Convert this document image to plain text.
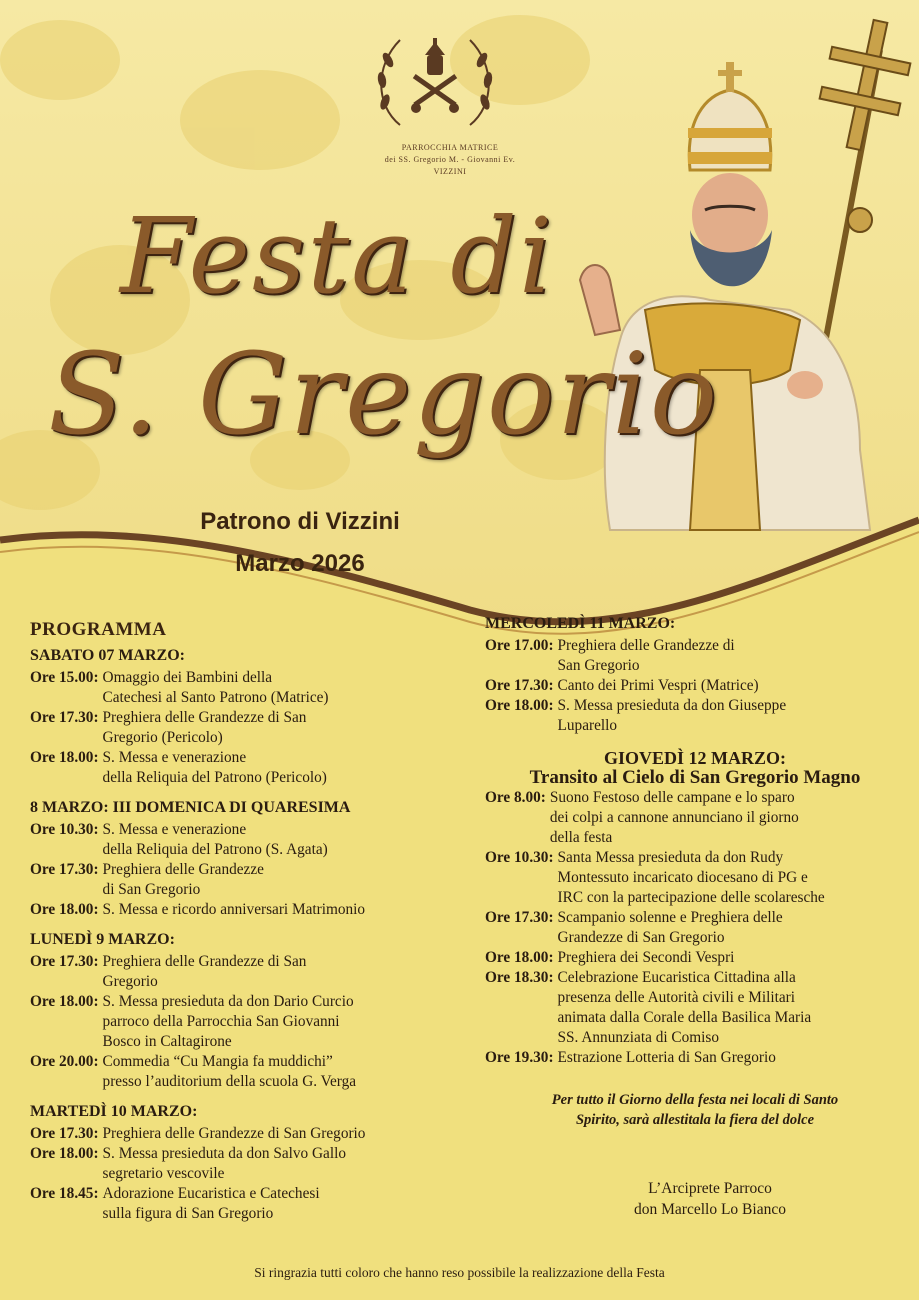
PARROCCHIA MATRICE
dei SS. Gregorio M. - Giovanni Ev.
VIZZINI
Festa di
S. Gregorio
Patrono di Vizzini
Marzo 2026
PROGRAMMA
SABATO 07 MARZO:
Ore 15.00: Omaggio dei Bambini della
Catechesi al Santo Patrono (Matrice)
Ore 17.30: Preghiera delle Grandezze di San
Gregorio (Pericolo)
Ore 18.00: S. Messa e venerazione
della Reliquia del Patrono (Pericolo)
8 MARZO: III DOMENICA DI QUARESIMA
Ore 10.30: S. Messa e venerazione
della Reliquia del Patrono (S. Agata)
Ore 17.30: Preghiera delle Grandezze
di San Gregorio
Ore 18.00: S. Messa e ricordo anniversari Matrimonio
LUNEDÌ 9 MARZO:
Ore 17.30: Preghiera delle Grandezze di San
Gregorio
Ore 18.00: S. Messa presieduta da don Dario Curcio
parroco della Parrocchia San Giovanni
Bosco in Caltagirone
Ore 20.00: Commedia “Cu Mangia fa muddichi”
presso l’auditorium della scuola G. Verga
MARTEDÌ 10 MARZO:
Ore 17.30: Preghiera delle Grandezze di San Gregorio
Ore 18.00: S. Messa presieduta da don Salvo Gallo
segretario vescovile
Ore 18.45: Adorazione Eucaristica e Catechesi
sulla figura di San Gregorio
MERCOLEDÌ 11 MARZO:
Ore 17.00: Preghiera delle Grandezze di
San Gregorio
Ore 17.30: Canto dei Primi Vespri (Matrice)
Ore 18.00: S. Messa presieduta da don Giuseppe
Luparello
GIOVEDÌ 12 MARZO:
Transito al Cielo di San Gregorio Magno
Ore 8.00: Suono Festoso delle campane e lo sparo
dei colpi a cannone annunciano il giorno
della festa
Ore 10.30: Santa Messa presieduta da don Rudy
Montessuto incaricato diocesano di PG e
IRC con la partecipazione delle scolaresche
Ore 17.30: Scampanio solenne e Preghiera delle
Grandezze di San Gregorio
Ore 18.00: Preghiera dei Secondi Vespri
Ore 18.30: Celebrazione Eucaristica Cittadina alla
presenza delle Autorità civili e Militari
animata dalla Corale della Basilica Maria
SS. Annunziata di Comiso
Ore 19.30: Estrazione Lotteria di San Gregorio
Per tutto il Giorno della festa nei locali di Santo
Spirito, sarà allestitala la fiera del dolce
L’Arciprete Parroco
don Marcello Lo Bianco
Si ringrazia tutti coloro che hanno reso possibile la realizzazione della Festa
